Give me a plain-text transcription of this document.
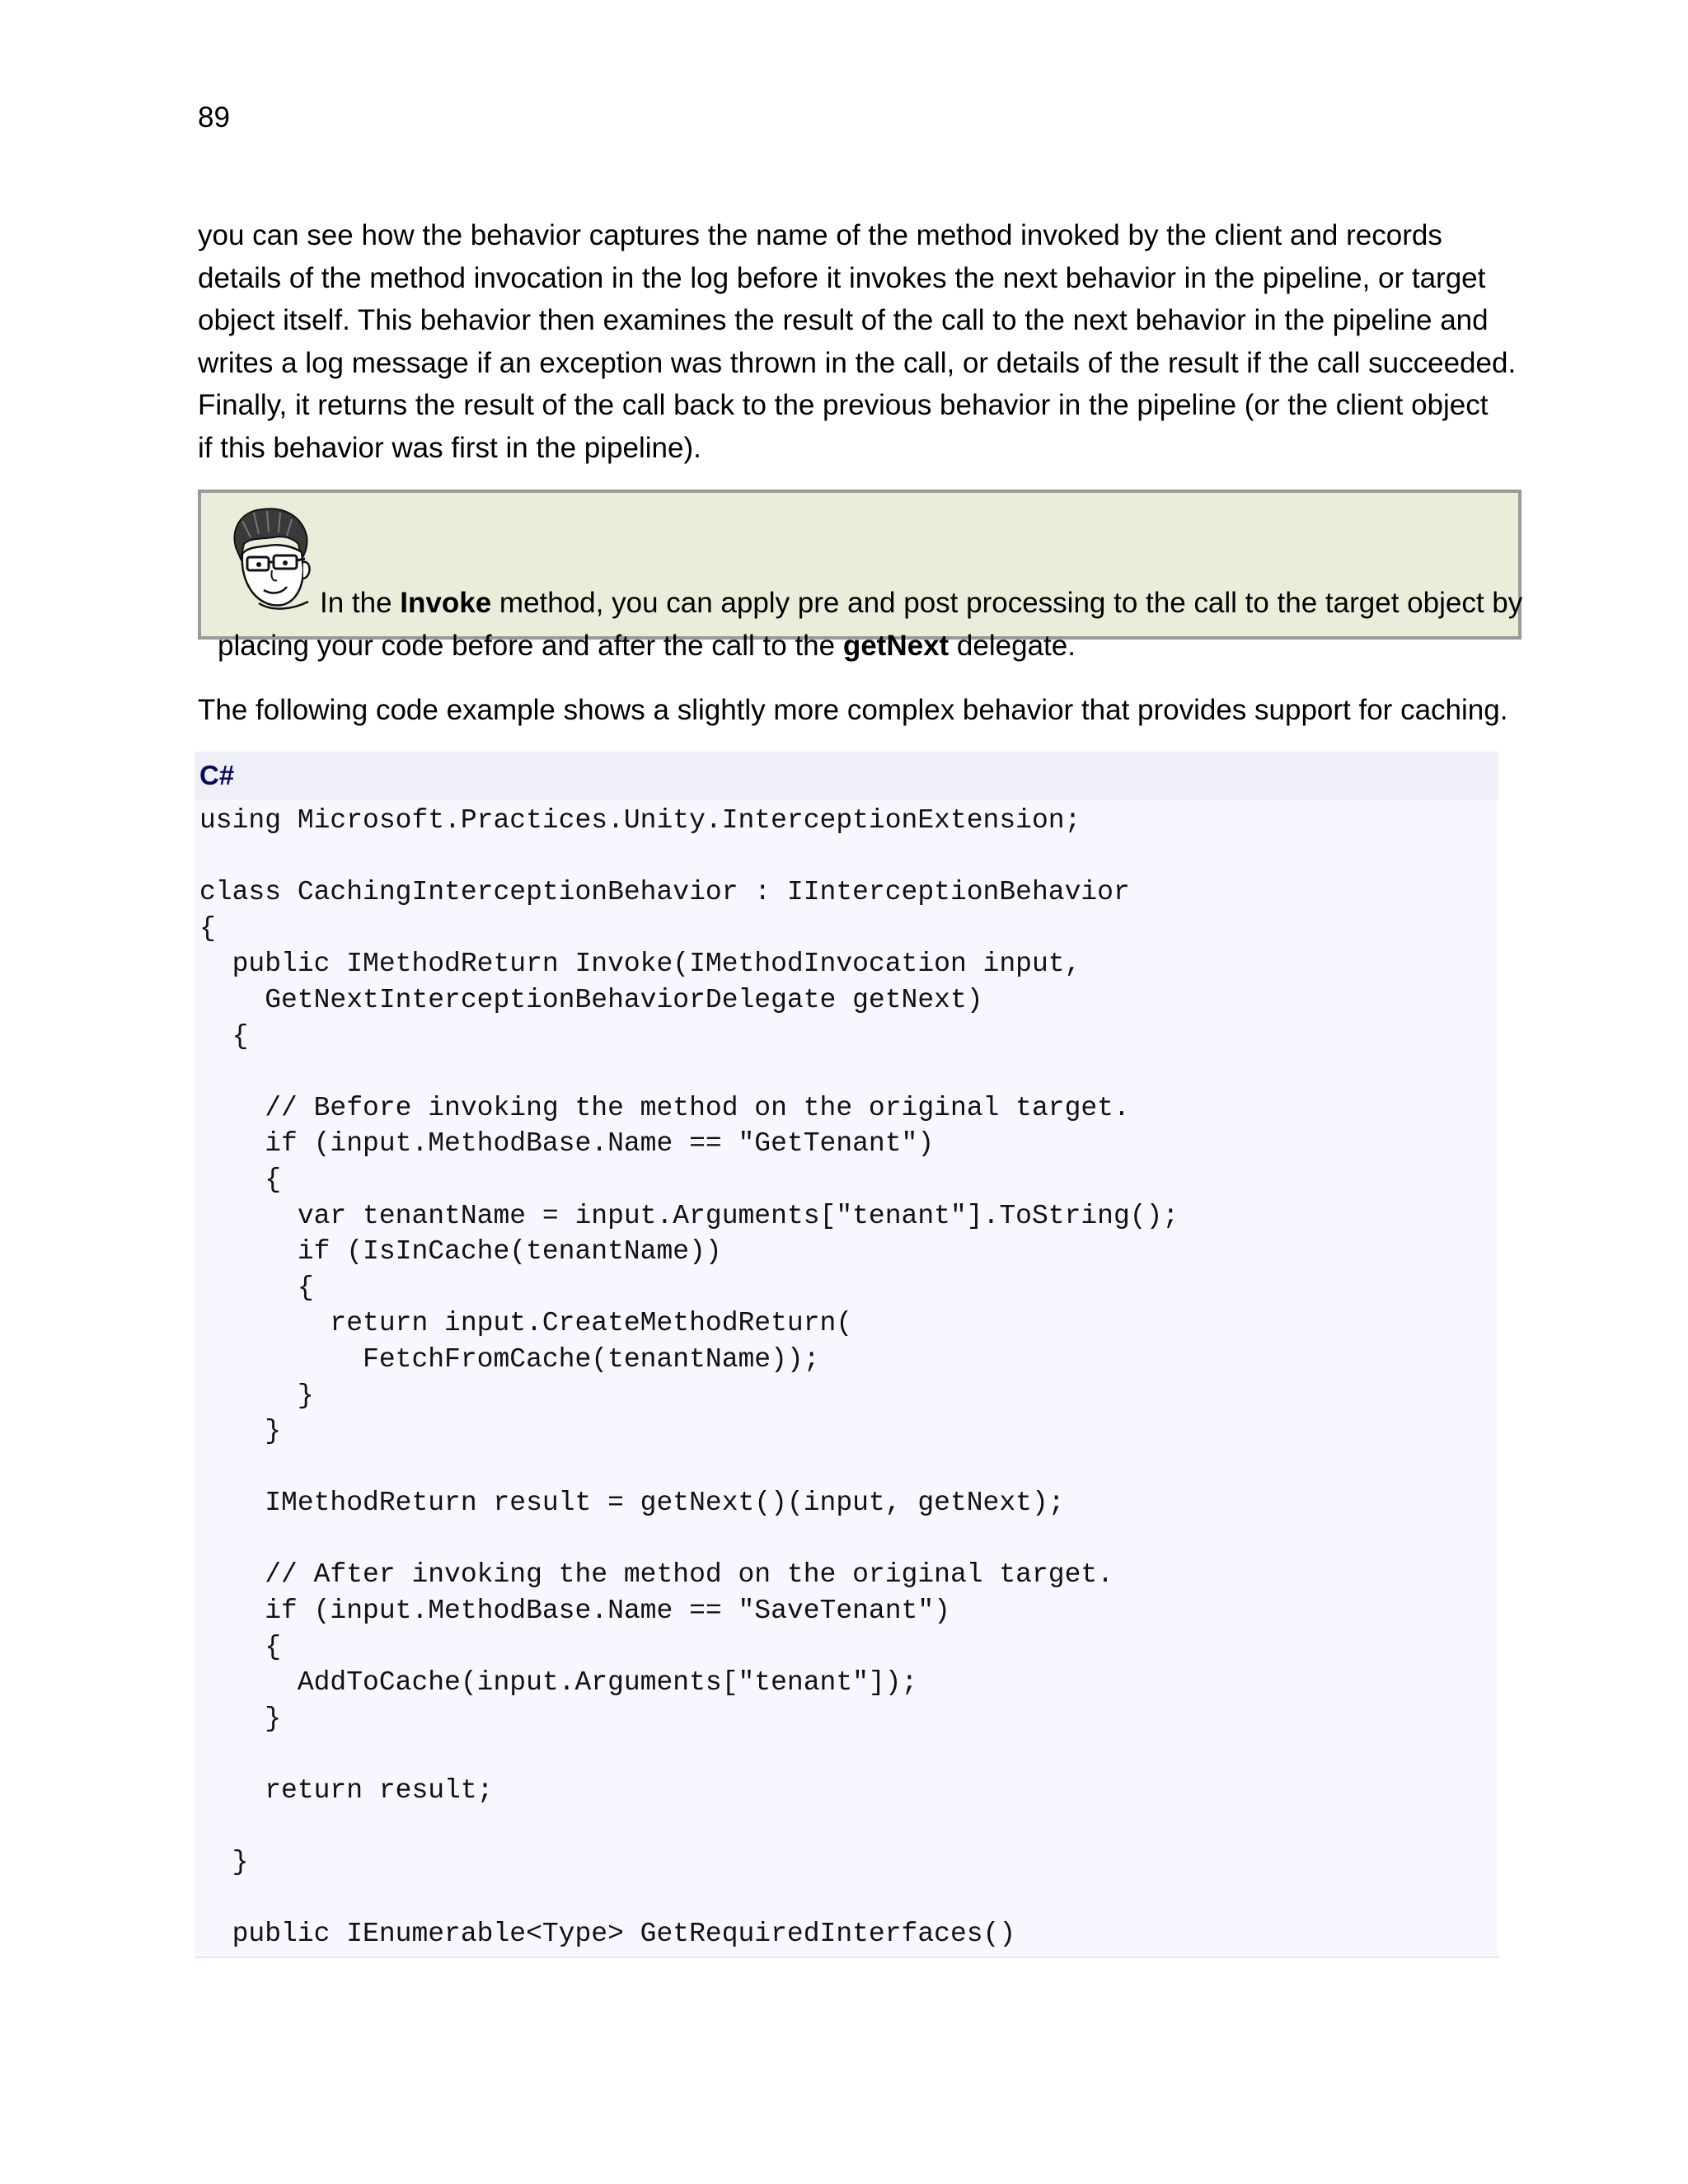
89
you can see how the behavior captures the name of the method invoked by the client and records
details of the method invocation in the log before it invokes the next behavior in the pipeline, or target
object itself. This behavior then examines the result of the call to the next behavior in the pipeline and
writes a log message if an exception was thrown in the call, or details of the result if the call succeeded.
Finally, it returns the result of the call back to the previous behavior in the pipeline (or the client object
if this behavior was first in the pipeline).
In the Invoke method, you can apply pre and post processing to the call to the target object by
placing your code before and after the call to the getNext delegate.
The following code example shows a slightly more complex behavior that provides support for caching.
C#
using Microsoft.Practices.Unity.InterceptionExtension;
class CachingInterceptionBehavior : IInterceptionBehavior
{
public IMethodReturn Invoke(IMethodInvocation input,
GetNextInterceptionBehaviorDelegate getNext)
{
// Before invoking the method on the original target.
if (input.MethodBase.Name == "GetTenant")
{
var tenantName = input.Arguments["tenant"].ToString();
if (IsInCache(tenantName))
{
return input.CreateMethodReturn(
FetchFromCache(tenantName));
}
}
IMethodReturn result = getNext()(input, getNext);
// After invoking the method on the original target.
if (input.MethodBase.Name == "SaveTenant")
{
AddToCache(input.Arguments["tenant"]);
}
return result;
}
public IEnumerable<Type> GetRequiredInterfaces()
